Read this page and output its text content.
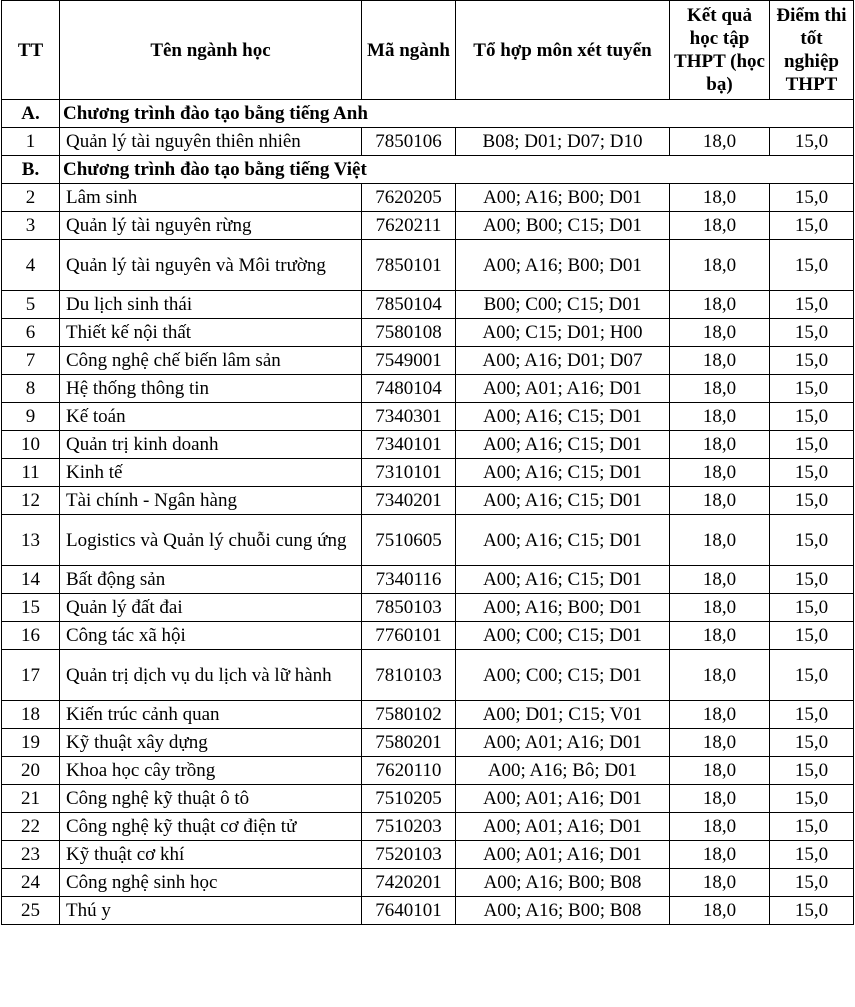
TT	Tên ngành học	Mã ngành	Tổ hợp môn xét tuyển	Kết quả học tập THPT (học bạ)	Điểm thi tốt nghiệp THPT
A.	Chương trình đào tạo bằng tiếng Anh				
1	Quản lý tài nguyên thiên nhiên	7850106	B08; D01; D07; D10	18,0	15,0
B.	Chương trình đào tạo bằng tiếng Việt				
2	Lâm sinh	7620205	A00; A16; B00; D01	18,0	15,0
3	Quản lý tài nguyên rừng	7620211	A00; B00; C15; D01	18,0	15,0
4	Quản lý tài nguyên và Môi trường	7850101	A00; A16; B00; D01	18,0	15,0
5	Du lịch sinh thái	7850104	B00; C00; C15; D01	18,0	15,0
6	Thiết kế nội thất	7580108	A00; C15; D01; H00	18,0	15,0
7	Công nghệ chế biến lâm sản	7549001	A00; A16; D01; D07	18,0	15,0
8	Hệ thống thông tin	7480104	A00; A01; A16; D01	18,0	15,0
9	Kế toán	7340301	A00; A16; C15; D01	18,0	15,0
10	Quản trị kinh doanh	7340101	A00; A16; C15; D01	18,0	15,0
11	Kinh tế	7310101	A00; A16; C15; D01	18,0	15,0
12	Tài chính - Ngân hàng	7340201	A00; A16; C15; D01	18,0	15,0
13	Logistics và Quản lý chuỗi cung ứng	7510605	A00; A16; C15; D01	18,0	15,0
14	Bất động sản	7340116	A00; A16; C15; D01	18,0	15,0
15	Quản lý đất đai	7850103	A00; A16; B00; D01	18,0	15,0
16	Công tác xã hội	7760101	A00; C00; C15; D01	18,0	15,0
17	Quản trị dịch vụ du lịch và lữ hành	7810103	A00; C00; C15; D01	18,0	15,0
18	Kiến trúc cảnh quan	7580102	A00; D01; C15; V01	18,0	15,0
19	Kỹ thuật xây dựng	7580201	A00; A01; A16; D01	18,0	15,0
20	Khoa học cây trồng	7620110	A00; A16; Bô; D01	18,0	15,0
21	Công nghệ kỹ thuật ô tô	7510205	A00; A01; A16; D01	18,0	15,0
22	Công nghệ kỹ thuật cơ điện tử	7510203	A00; A01; A16; D01	18,0	15,0
23	Kỹ thuật cơ khí	7520103	A00; A01; A16; D01	18,0	15,0
24	Công nghệ sinh học	7420201	A00; A16; B00; B08	18,0	15,0
25	Thú y	7640101	A00; A16; B00; B08	18,0	15,0
